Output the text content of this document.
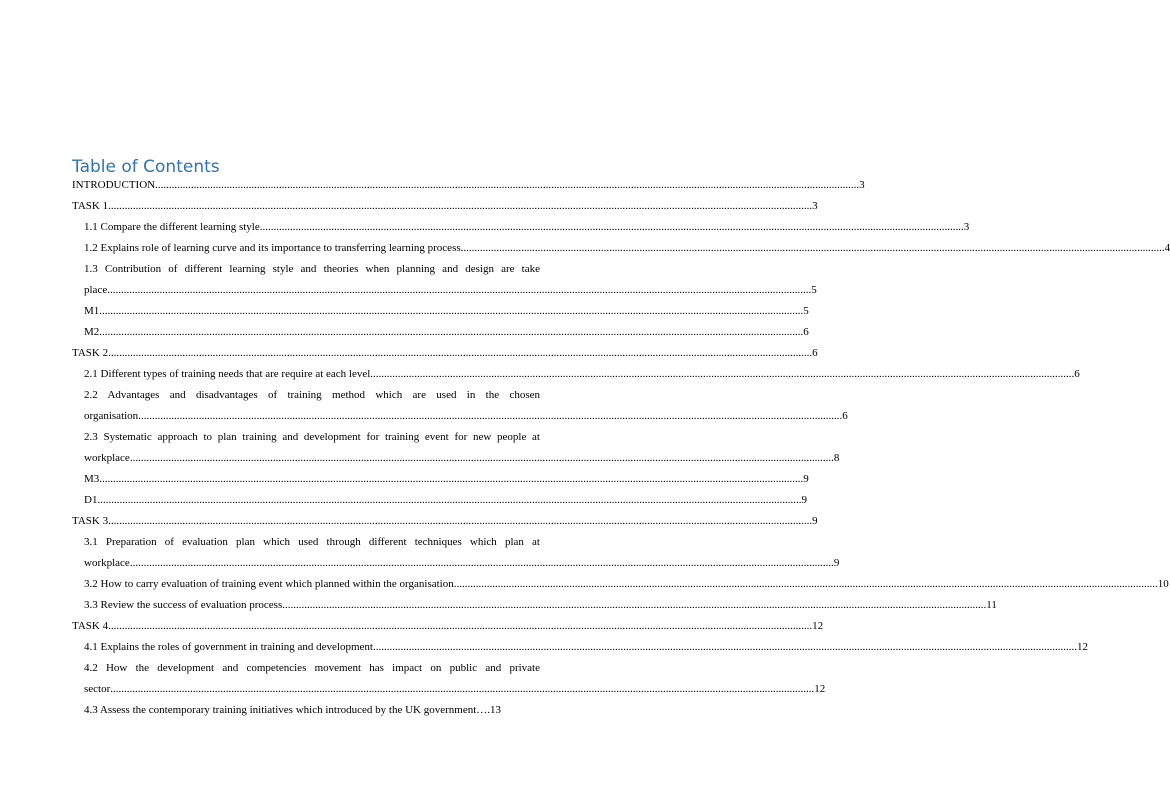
Table of Contents
INTRODUCTION .....	3
TASK 1 .....	3
1.1 Compare the different learning style .....	3
1.2 Explains role of learning curve and its importance to transferring learning process .....	4
1.3 Contribution of different learning style and theories when planning and design are take
place .....	5
M1 .....	5
M2 .....	6
TASK 2 .....	6
2.1 Different types of training needs that are require at each level .....	6
2.2 Advantages and disadvantages of training method which are used in the chosen
organisation .....	6
2.3 Systematic approach to plan training and development for training event for new people at
workplace .....	8
M3 .....	9
D1 .....	9
TASK 3 .....	9
3.1 Preparation of evaluation plan which used through different techniques which plan at
workplace .....	9
3.2 How to carry evaluation of training event which planned within the organisation .....	10
3.3 Review the success of evaluation process .....	11
TASK 4 .....	12
4.1 Explains the roles of government in training and development .....	12
4.2 How the development and competencies movement has impact on public and private
sector .....	12
4.3 Assess the contemporary training initiatives which introduced by the UK government…. 13
